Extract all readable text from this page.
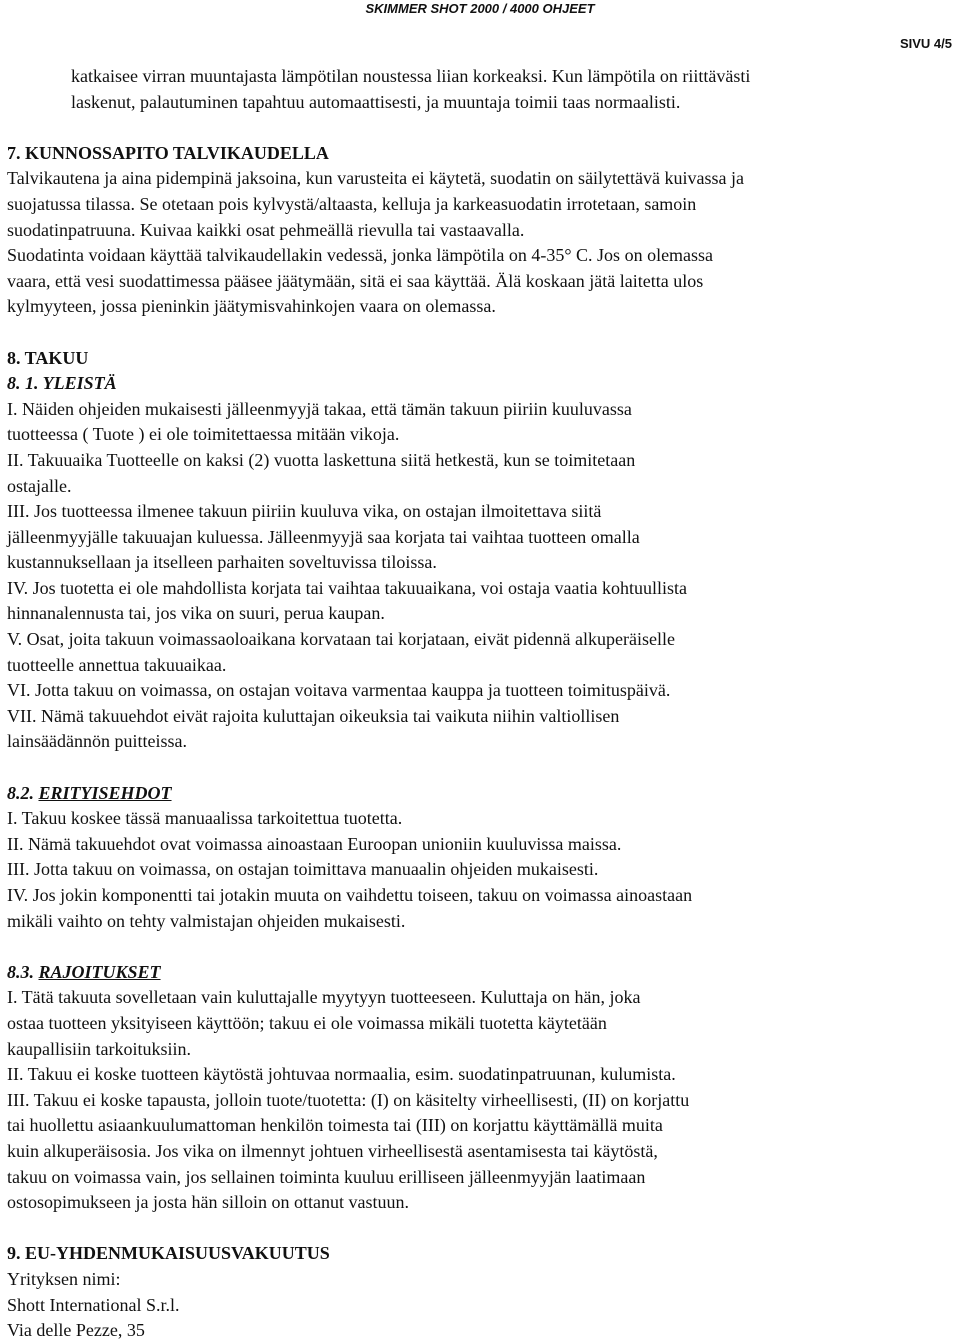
SKIMMER SHOT 2000 / 4000 OHJEET
SIVU 4/5

katkaisee virran muuntajasta lämpötilan noustessa liian korkeaksi. Kun lämpötila on riittävästi

laskenut, palautuminen tapahtuu automaattisesti, ja muuntaja toimii taas normaalisti.

7. KUNNOSSAPITO TALVIKAUDELLA

Talvikautena ja aina pidempinä jaksoina, kun varusteita ei käytetä, suodatin on säilytettävä kuivassa ja

suojatussa tilassa. Se otetaan pois kylvystä/altaasta, kelluja ja karkeasuodatin irrotetaan, samoin

suodatinpatruuna. Kuivaa kaikki osat pehmeällä rievulla tai vastaavalla.

Suodatinta voidaan käyttää talvikaudellakin vedessä, jonka lämpötila on 4-35° C. Jos on olemassa

vaara, että vesi suodattimessa pääsee jäätymään, sitä ei saa käyttää. Älä koskaan jätä laitetta ulos

kylmyyteen, jossa pieninkin jäätymisvahinkojen vaara on olemassa.

8. TAKUU

8. 1. YLEISTÄ

I. Näiden ohjeiden mukaisesti jälleenmyyjä takaa, että tämän takuun piiriin kuuluvassa

tuotteessa ( Tuote ) ei ole toimitettaessa mitään vikoja.

II. Takuuaika Tuotteelle on kaksi (2) vuotta laskettuna siitä hetkestä, kun se toimitetaan

ostajalle.

III. Jos tuotteessa ilmenee takuun piiriin kuuluva vika, on ostajan ilmoitettava siitä

jälleenmyyjälle takuuajan kuluessa. Jälleenmyyjä saa korjata tai vaihtaa tuotteen omalla

kustannuksellaan ja itselleen parhaiten soveltuvissa tiloissa.

IV. Jos tuotetta ei ole mahdollista korjata tai vaihtaa takuuaikana, voi ostaja vaatia kohtuullista

hinnanalennusta tai, jos vika on suuri, perua kaupan.

V. Osat, joita takuun voimassaoloaikana korvataan tai korjataan, eivät pidennä alkuperäiselle

tuotteelle annettua takuuaikaa.

VI. Jotta takuu on voimassa, on ostajan voitava varmentaa kauppa ja tuotteen toimituspäivä.

VII. Nämä takuuehdot eivät rajoita kuluttajan oikeuksia tai vaikuta niihin valtiollisen

lainsäädännön puitteissa.

8.2. ERITYISEHDOT

I. Takuu koskee tässä manuaalissa tarkoitettua tuotetta.

II. Nämä takuuehdot ovat voimassa ainoastaan Euroopan unioniin kuuluvissa maissa.

III. Jotta takuu on voimassa, on ostajan toimittava manuaalin ohjeiden mukaisesti.

IV. Jos jokin komponentti tai jotakin muuta on vaihdettu toiseen, takuu on voimassa ainoastaan

mikäli vaihto on tehty valmistajan ohjeiden mukaisesti.

8.3. RAJOITUKSET

I. Tätä takuuta sovelletaan vain kuluttajalle myytyyn tuotteeseen. Kuluttaja on hän, joka

ostaa tuotteen yksityiseen käyttöön; takuu ei ole voimassa mikäli tuotetta käytetään

kaupallisiin tarkoituksiin.

II. Takuu ei koske tuotteen käytöstä johtuvaa normaalia, esim. suodatinpatruunan, kulumista.

III. Takuu ei koske tapausta, jolloin tuote/tuotetta: (I) on käsitelty virheellisesti, (II) on korjattu

tai huollettu asiaankuulumattoman henkilön toimesta tai (III) on korjattu käyttämällä muita

kuin alkuperäisosia. Jos vika on ilmennyt johtuen virheellisestä asentamisesta tai käytöstä,

takuu on voimassa vain, jos sellainen toiminta kuuluu erilliseen jälleenmyyjän laatimaan

ostosopimukseen ja josta hän silloin on ottanut vastuun.

9. EU-YHDENMUKAISUUSVAKUUTUS

Yrityksen nimi:

Shott International S.r.l.

Via delle Pezze, 35
